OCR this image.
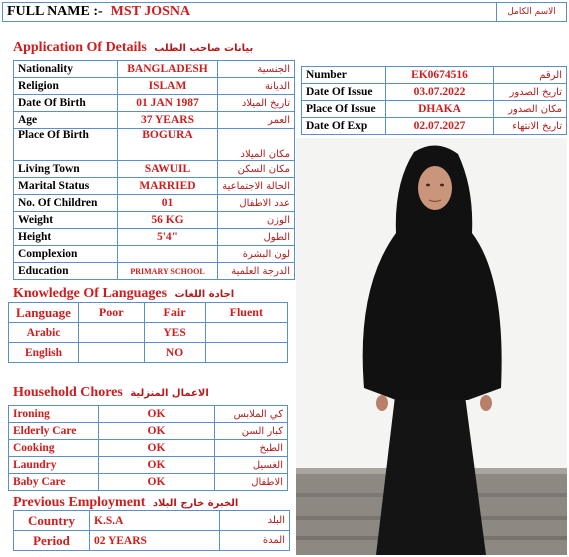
FULL NAME :- MST JOSNA	الاسم الكامل
Application Of Details بيانات صاحب الطلب
Nationality	BANGLADESH	الجنسية
Religion	ISLAM	الديانة
Date Of Birth	01 JAN 1987	تاريخ الميلاد
Age	37 YEARS	العمر
Place Of Birth	BOGURA	مكان الميلاد
Living Town	SAWUIL	مكان السكن
Marital Status	MARRIED	الحالة الاجتماعية
No. Of Children	01	عدد الاطفال
Weight	56 KG	الوزن
Height	5'4"	الطول
Complexion		لون البشرة
Education	PRIMARY SCHOOL	الدرجة العلمية
Number	EK0674516	الرقم
Date Of Issue	03.07.2022	تاريخ الصدور
Place Of Issue	DHAKA	مكان الصدور
Date Of Exp	02.07.2027	تاريخ الانتهاء
Knowledge Of Languages اجادة اللغات
Language	Poor	Fair	Fluent
Arabic		YES	
English		NO	
Household Chores الاعمال المنزلية
Ironing	OK	كي الملابس
Elderly Care	OK	كبار السن
Cooking	OK	الطبخ
Laundry	OK	الغسيل
Baby Care	OK	الاطفال
Previous Employment الخبرة خارج البلاد
Country	K.S.A	البلد
Period	02 YEARS	المدة
